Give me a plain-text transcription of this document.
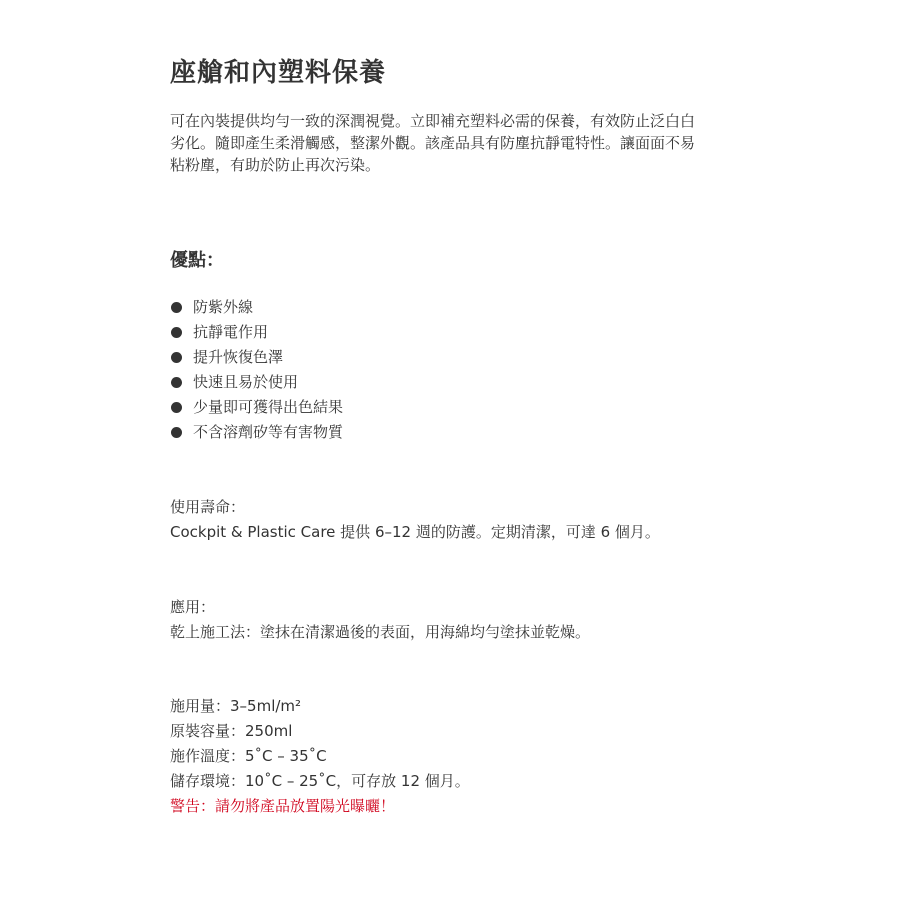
座艙和內塑料保養
可在內裝提供均勻一致的深潤視覺。立即補充塑料必需的保養，有效防止泛白白
劣化。隨即產生柔滑觸感，整潔外觀。該產品具有防塵抗靜電特性。讓面面不易
粘粉塵，有助於防止再次污染。
優點：
防紫外線
抗靜電作用
提升恢復色澤
快速且易於使用
少量即可獲得出色結果
不含溶劑矽等有害物質
使用壽命：
Cockpit & Plastic Care 提供 6–12 週的防護。定期清潔，可達 6 個月。
應用：
乾上施工法：塗抹在清潔過後的表面，用海綿均勻塗抹並乾燥。
施用量：3–5ml/m²
原裝容量：250ml
施作溫度：5˚C – 35˚C
儲存環境：10˚C – 25˚C，可存放 12 個月。
警告：請勿將產品放置陽光曝曬！
